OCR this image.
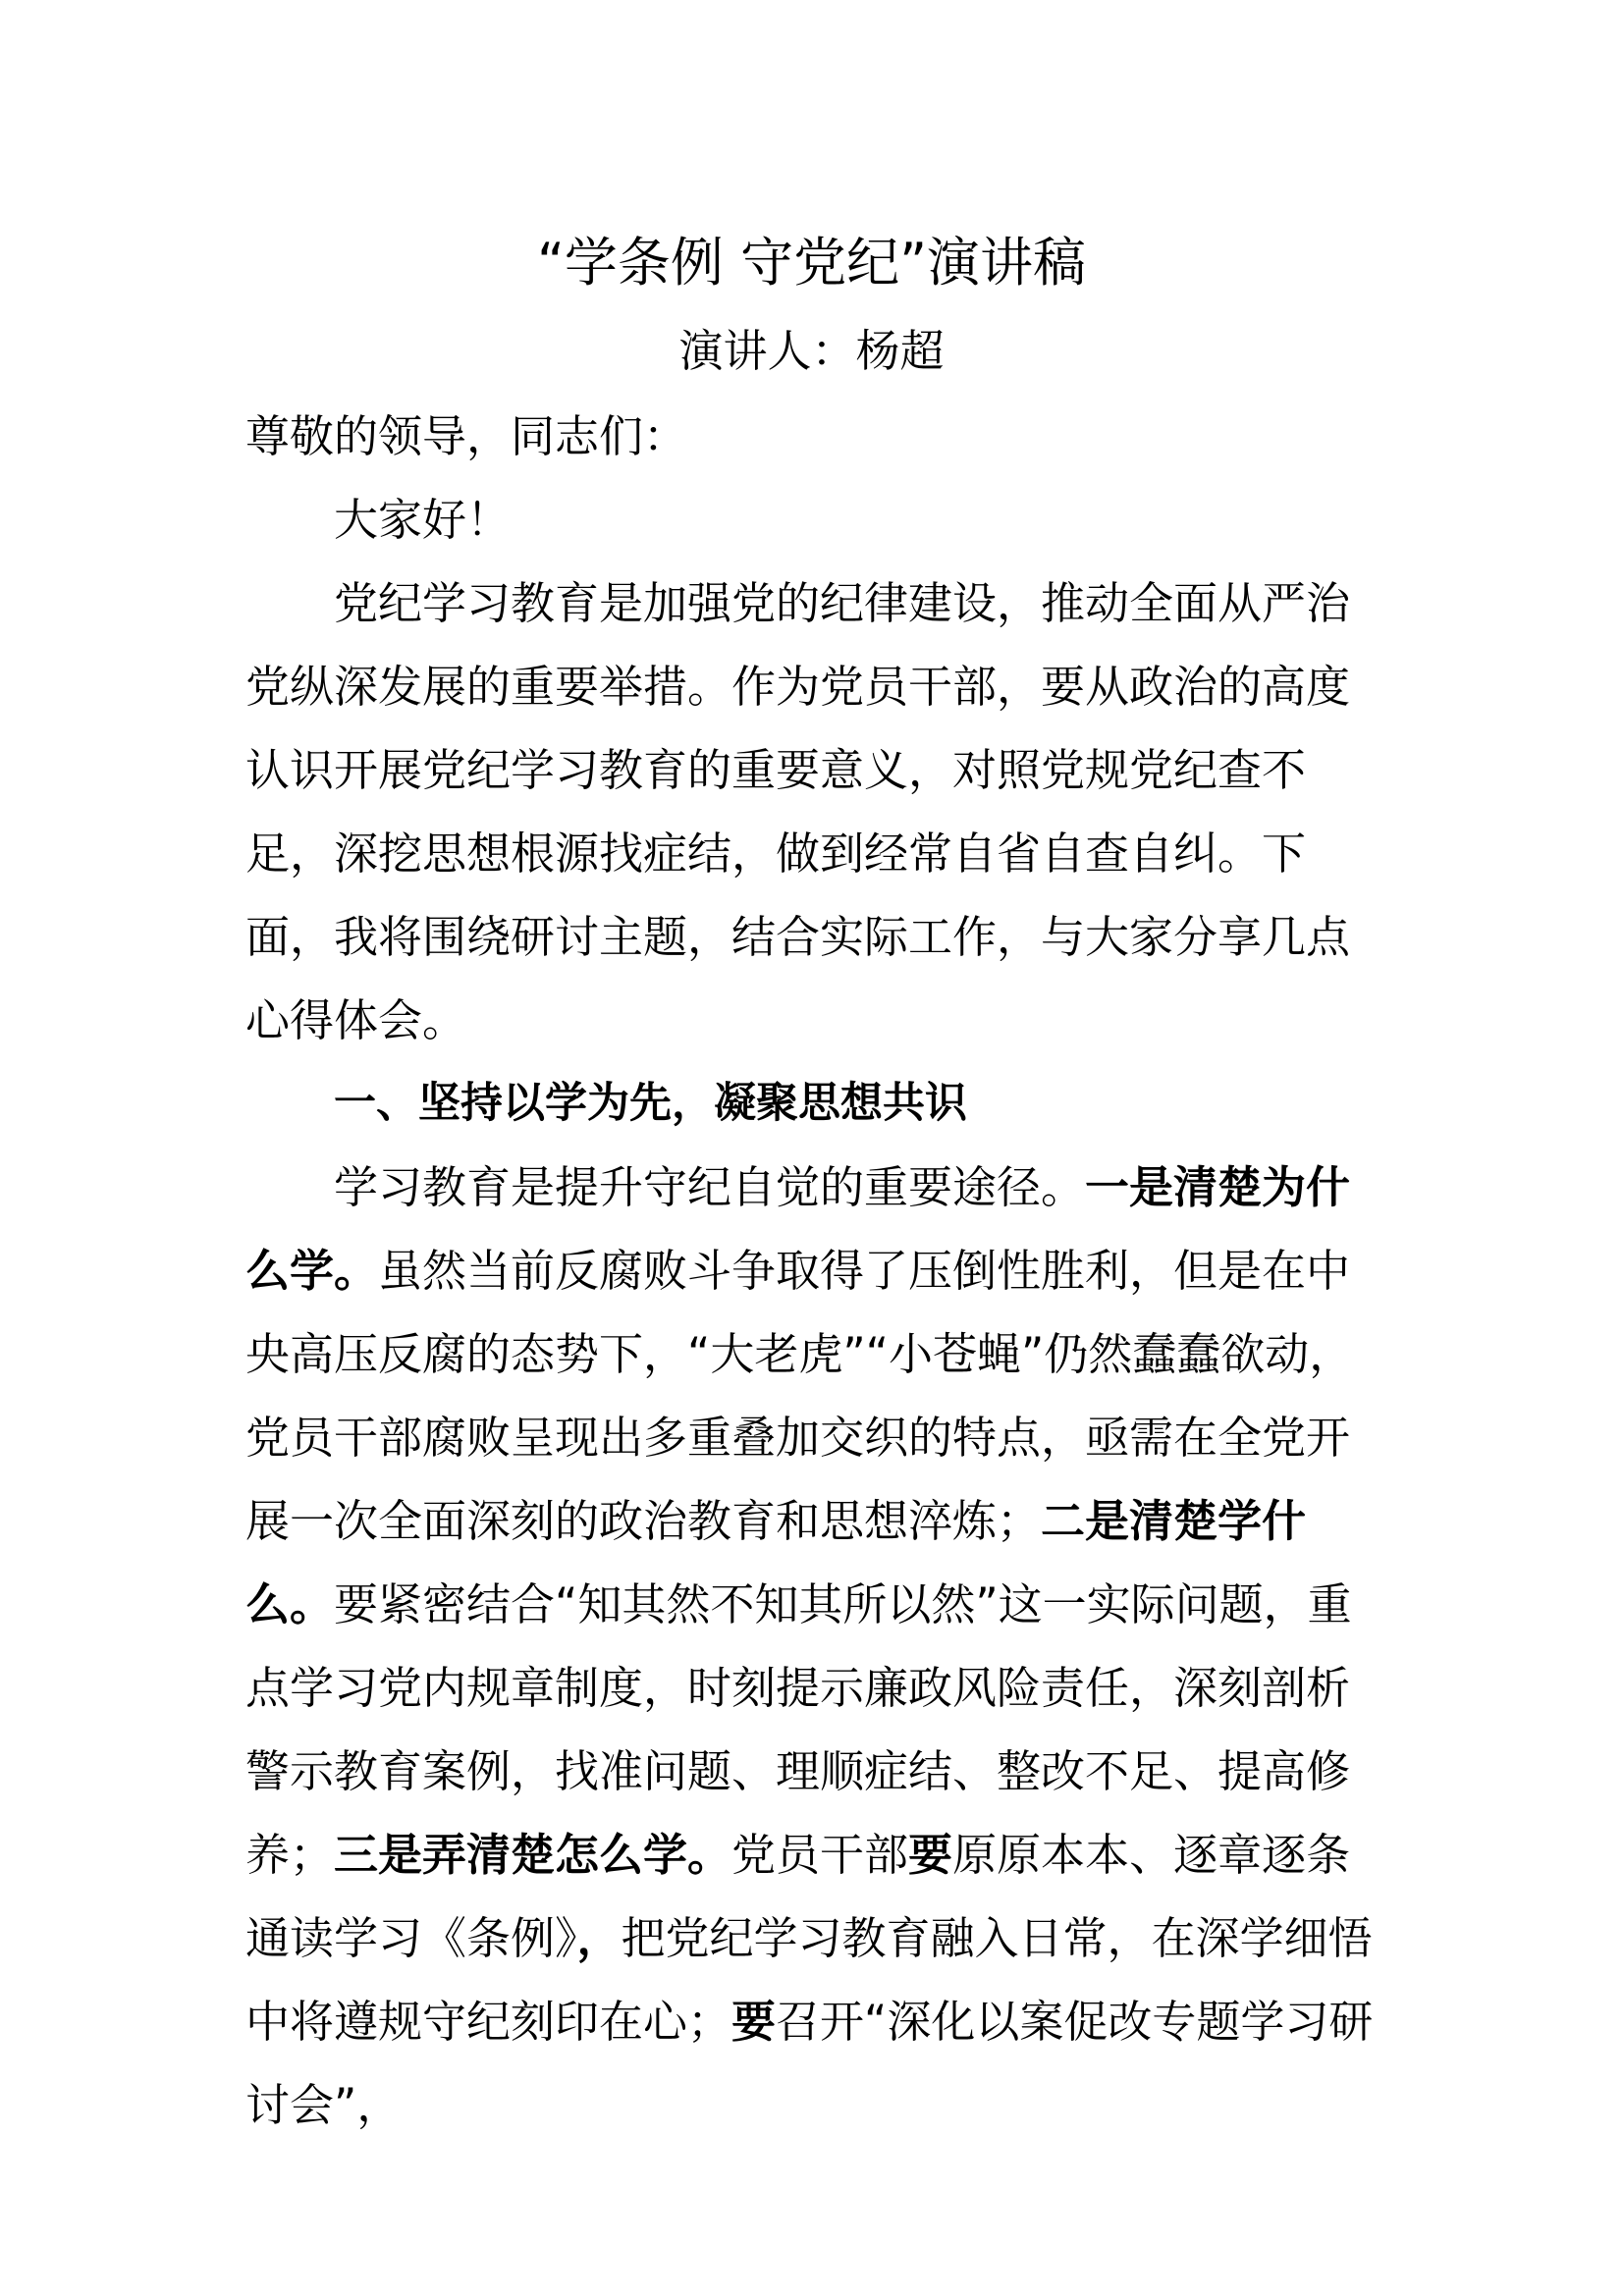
“学条例 守党纪”演讲稿
演讲人：杨超

尊敬的领导，同志们：

大家好！

党纪学习教育是加强党的纪律建设，推动全面从严治党纵深发展的重要举措。作为党员干部，要从政治的高度认识开展党纪学习教育的重要意义，对照党规党纪查不足，深挖思想根源找症结，做到经常自省自查自纠。下面，我将围绕研讨主题，结合实际工作，与大家分享几点心得体会。

一、坚持以学为先，凝聚思想共识

学习教育是提升守纪自觉的重要途径。一是清楚为什么学。虽然当前反腐败斗争取得了压倒性胜利，但是在中央高压反腐的态势下，“大老虎”“小苍蝇”仍然蠢蠢欲动，党员干部腐败呈现出多重叠加交织的特点，亟需在全党开展一次全面深刻的政治教育和思想淬炼；二是清楚学什么。要紧密结合“知其然不知其所以然”这一实际问题，重点学习党内规章制度，时刻提示廉政风险责任，深刻剖析警示教育案例，找准问题、理顺症结、整改不足、提高修养；三是弄清楚怎么学。党员干部要原原本本、逐章逐条通读学习《条例》，把党纪学习教育融入日常，在深学细悟中将遵规守纪刻印在心；要召开“深化以案促改专题学习研讨会”，
